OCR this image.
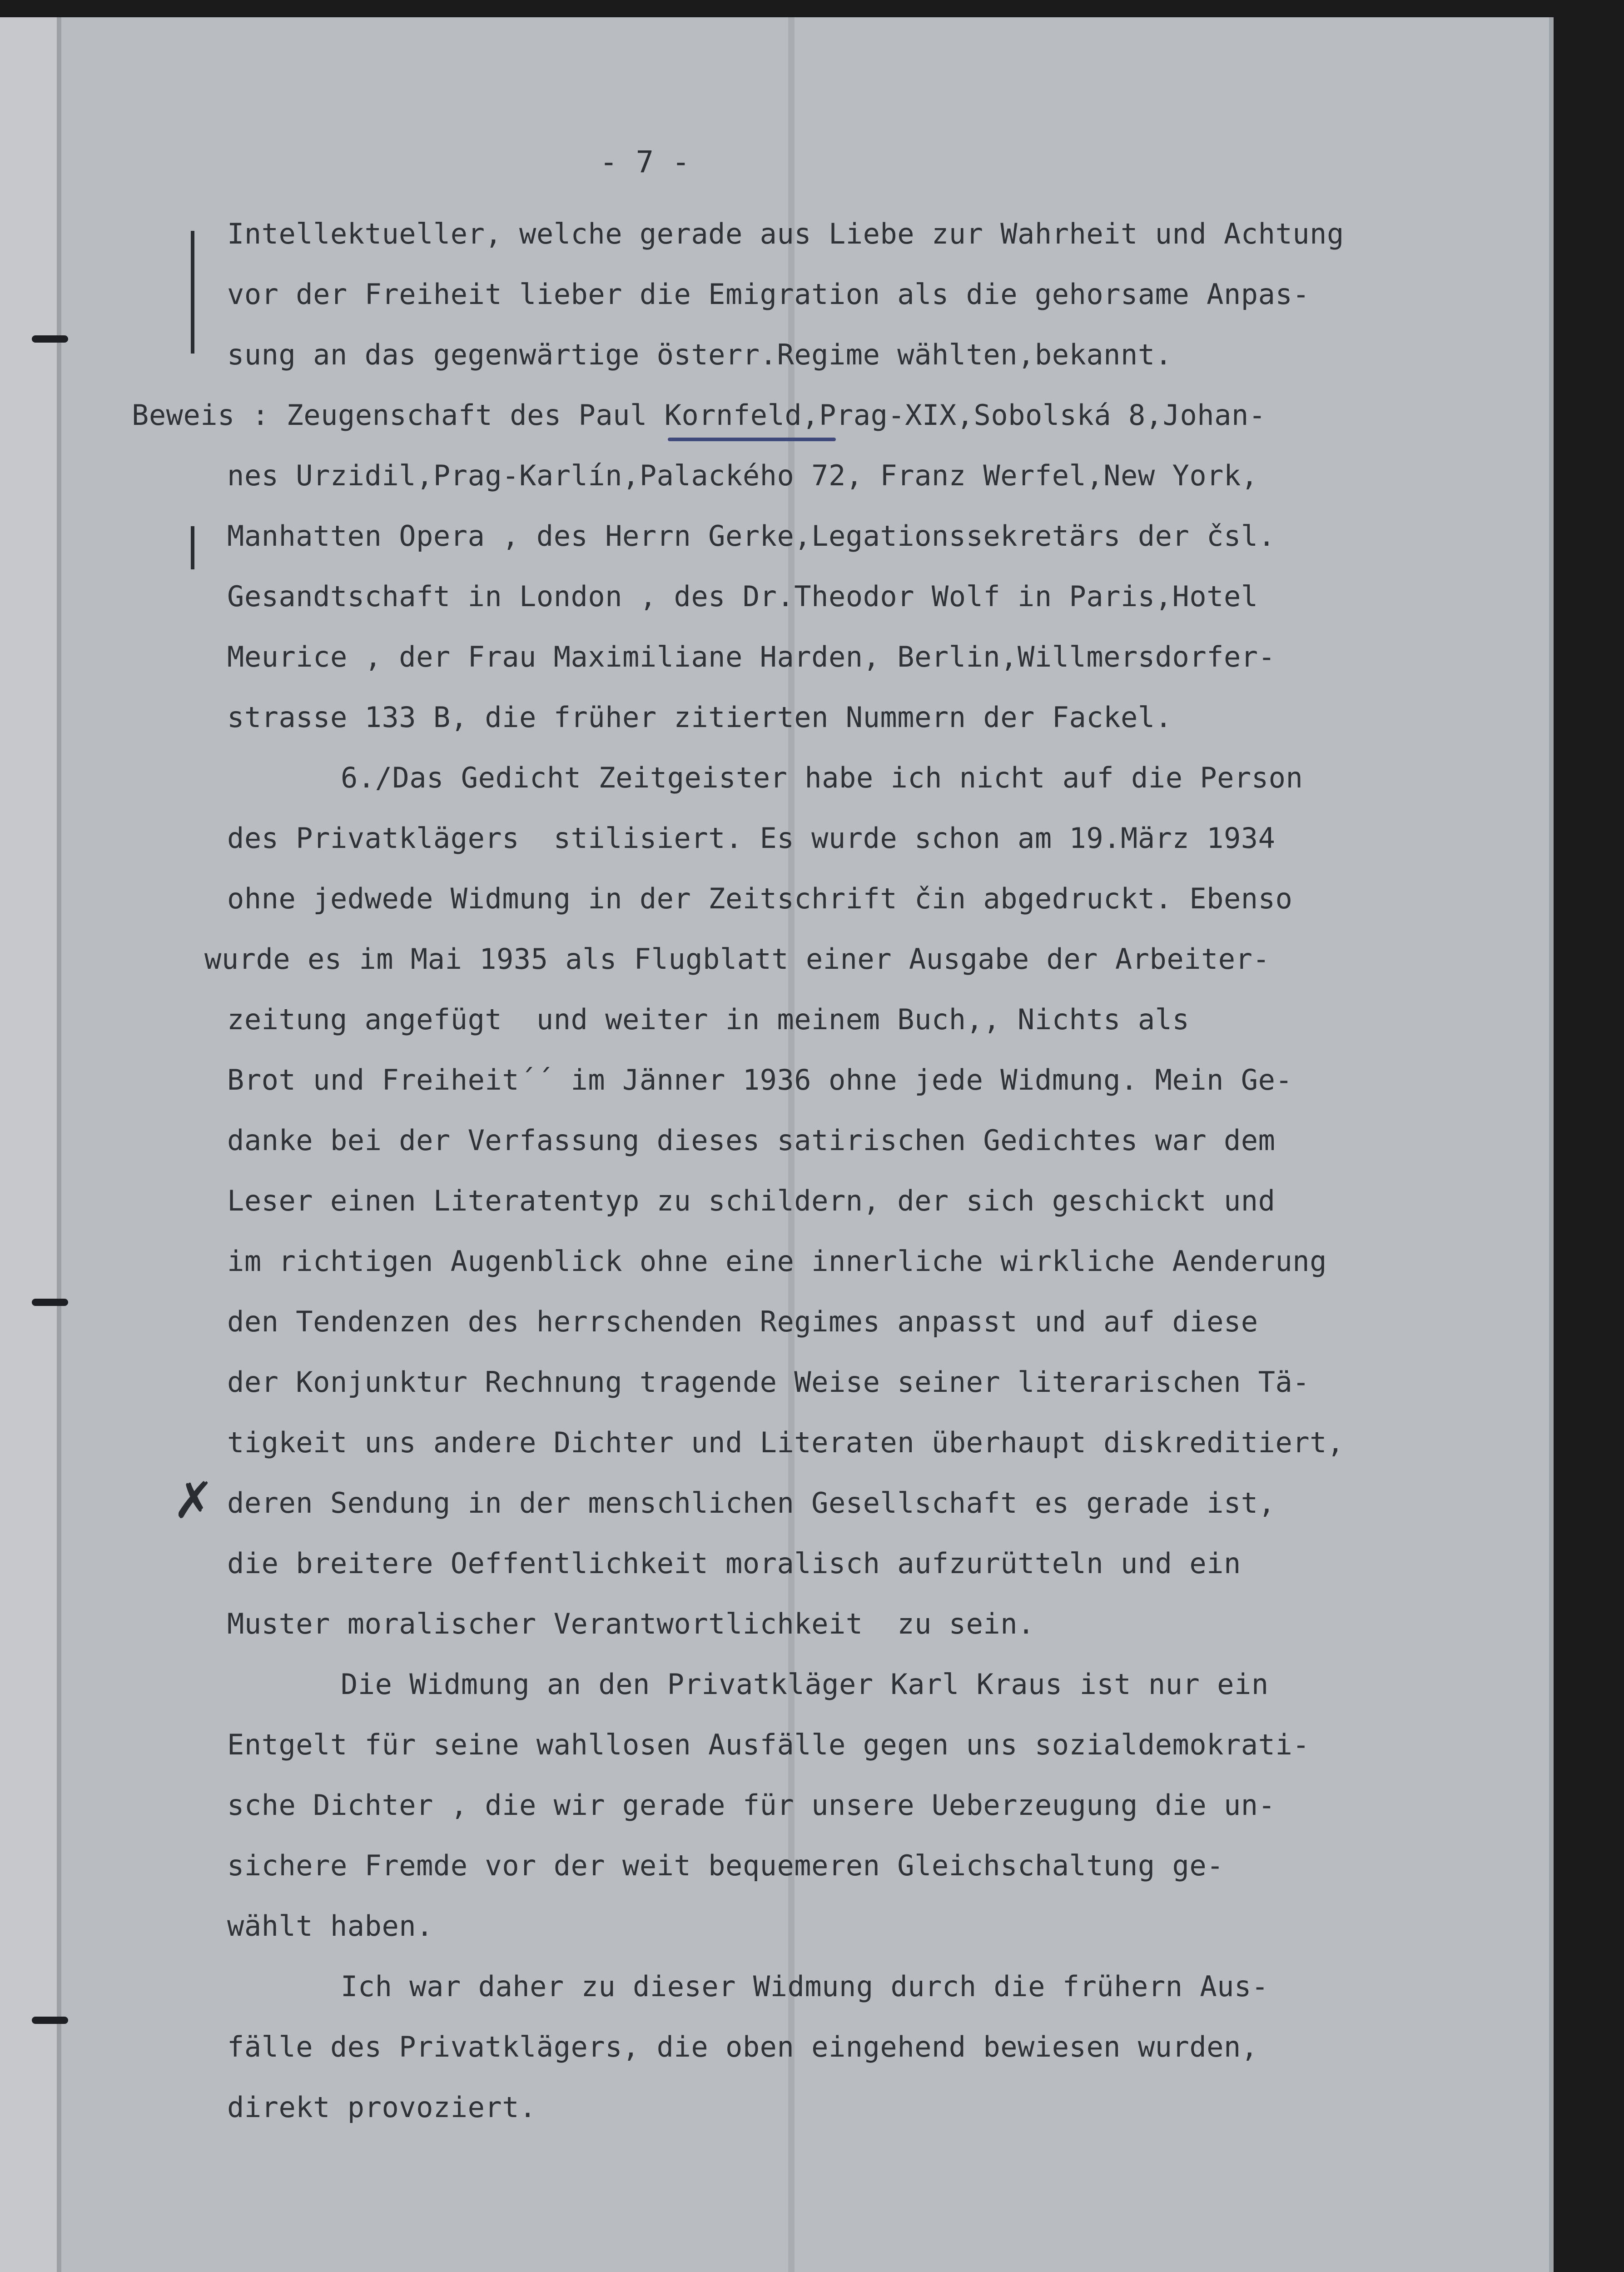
✗
- 7 -
Intellektueller, welche gerade aus Liebe zur Wahrheit und Achtung
vor der Freiheit lieber die Emigration als die gehorsame Anpas-
sung an das gegenwärtige österr.Regime wählten,bekannt.
Beweis : Zeugenschaft des Paul Kornfeld,Prag-XIX,Sobolská 8,Johan-
nes Urzidil,Prag-Karlín,Palackého 72, Franz Werfel,New York,
Manhatten Opera , des Herrn Gerke,Legationssekretärs der čsl.
Gesandtschaft in London , des Dr.Theodor Wolf in Paris,Hotel
Meurice , der Frau Maximiliane Harden, Berlin,Willmersdorfer-
strasse 133 B, die früher zitierten Nummern der Fackel.
6./Das Gedicht Zeitgeister habe ich nicht auf die Person
des Privatklägers  stilisiert. Es wurde schon am 19.März 1934
ohne jedwede Widmung in der Zeitschrift čin abgedruckt. Ebenso
wurde es im Mai 1935 als Flugblatt einer Ausgabe der Arbeiter-
zeitung angefügt  und weiter in meinem Buch,, Nichts als
Brot und Freiheit´´ im Jänner 1936 ohne jede Widmung. Mein Ge-
danke bei der Verfassung dieses satirischen Gedichtes war dem
Leser einen Literatentyp zu schildern, der sich geschickt und
im richtigen Augenblick ohne eine innerliche wirkliche Aenderung
den Tendenzen des herrschenden Regimes anpasst und auf diese
der Konjunktur Rechnung tragende Weise seiner literarischen Tä-
tigkeit uns andere Dichter und Literaten überhaupt diskreditiert,
deren Sendung in der menschlichen Gesellschaft es gerade ist,
die breitere Oeffentlichkeit moralisch aufzurütteln und ein
Muster moralischer Verantwortlichkeit  zu sein.
Die Widmung an den Privatkläger Karl Kraus ist nur ein
Entgelt für seine wahllosen Ausfälle gegen uns sozialdemokrati-
sche Dichter , die wir gerade für unsere Ueberzeugung die un-
sichere Fremde vor der weit bequemeren Gleichschaltung ge-
wählt haben.
Ich war daher zu dieser Widmung durch die frühern Aus-
fälle des Privatklägers, die oben eingehend bewiesen wurden,
direkt provoziert.
